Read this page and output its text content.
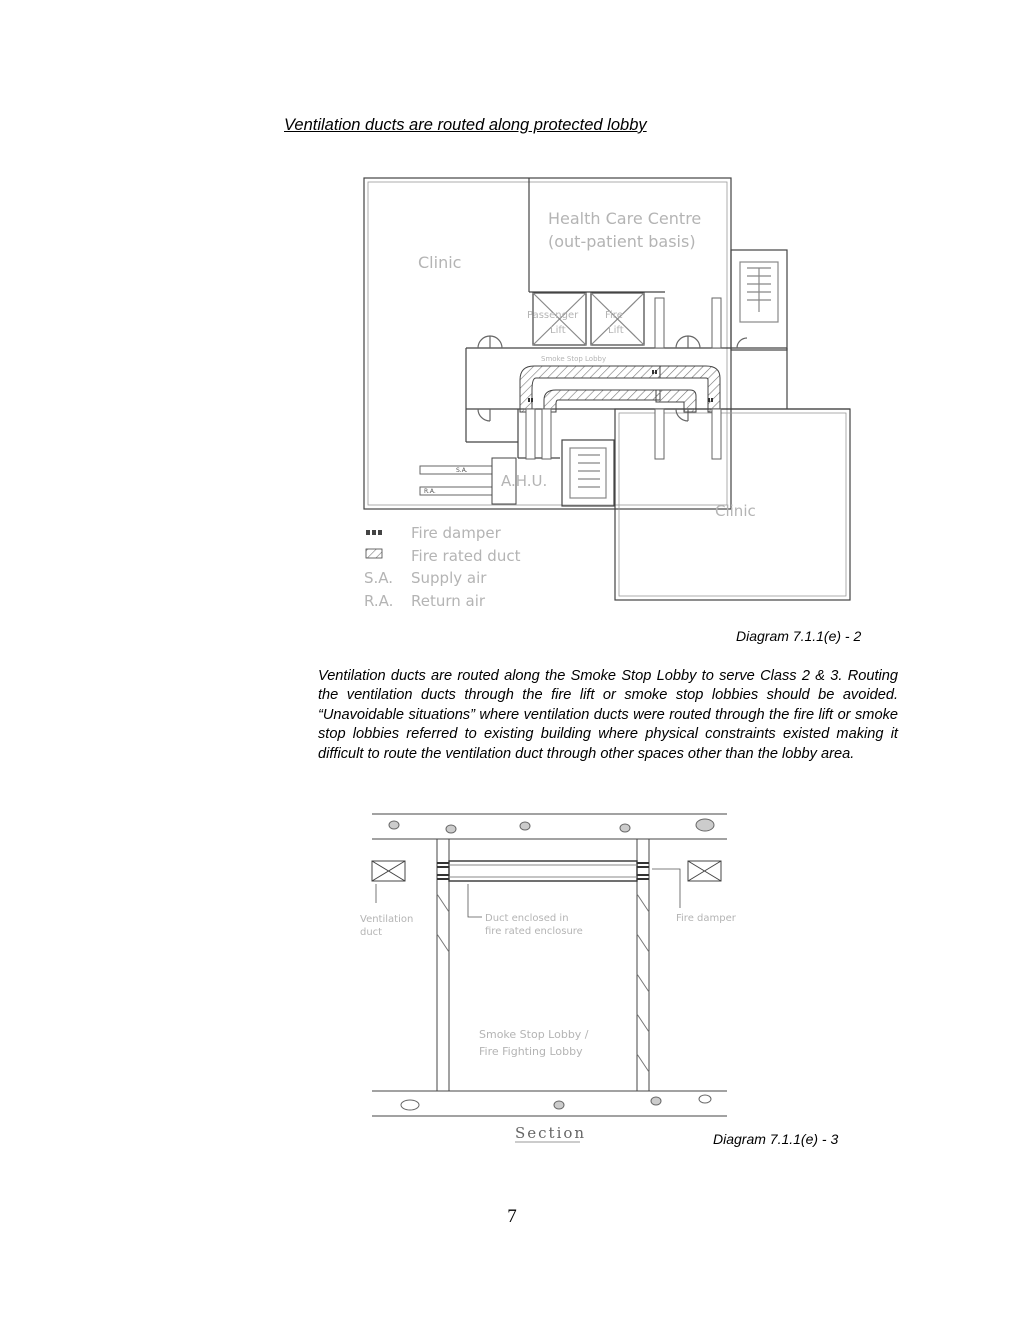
Ventilation ducts are routed along protected lobby
Clinic
Health Care Centre
(out-patient basis)
Passenger
Lift
Fire
Lift
Smoke Stop Lobby
A.H.U.
Clinic
S.A.
R.A.
Fire damper
Fire rated duct
S.A. Supply air
R.A. Return air
Ventilation
duct
Duct enclosed in
fire rated enclosure
Fire damper
Smoke Stop Lobby /
Fire Fighting Lobby
Section
Diagram 7.1.1(e) - 2
Ventilation ducts are routed along the Smoke Stop Lobby to serve Class 2 & 3. Routing the ventilation ducts through the fire lift or smoke stop lobbies should be avoided. “Unavoidable situations” where ventilation ducts were routed through the fire lift or smoke stop lobbies referred to existing building where physical constraints existed making it difficult to route the ventilation duct through other spaces other than the lobby area.
Diagram 7.1.1(e) - 3
7
